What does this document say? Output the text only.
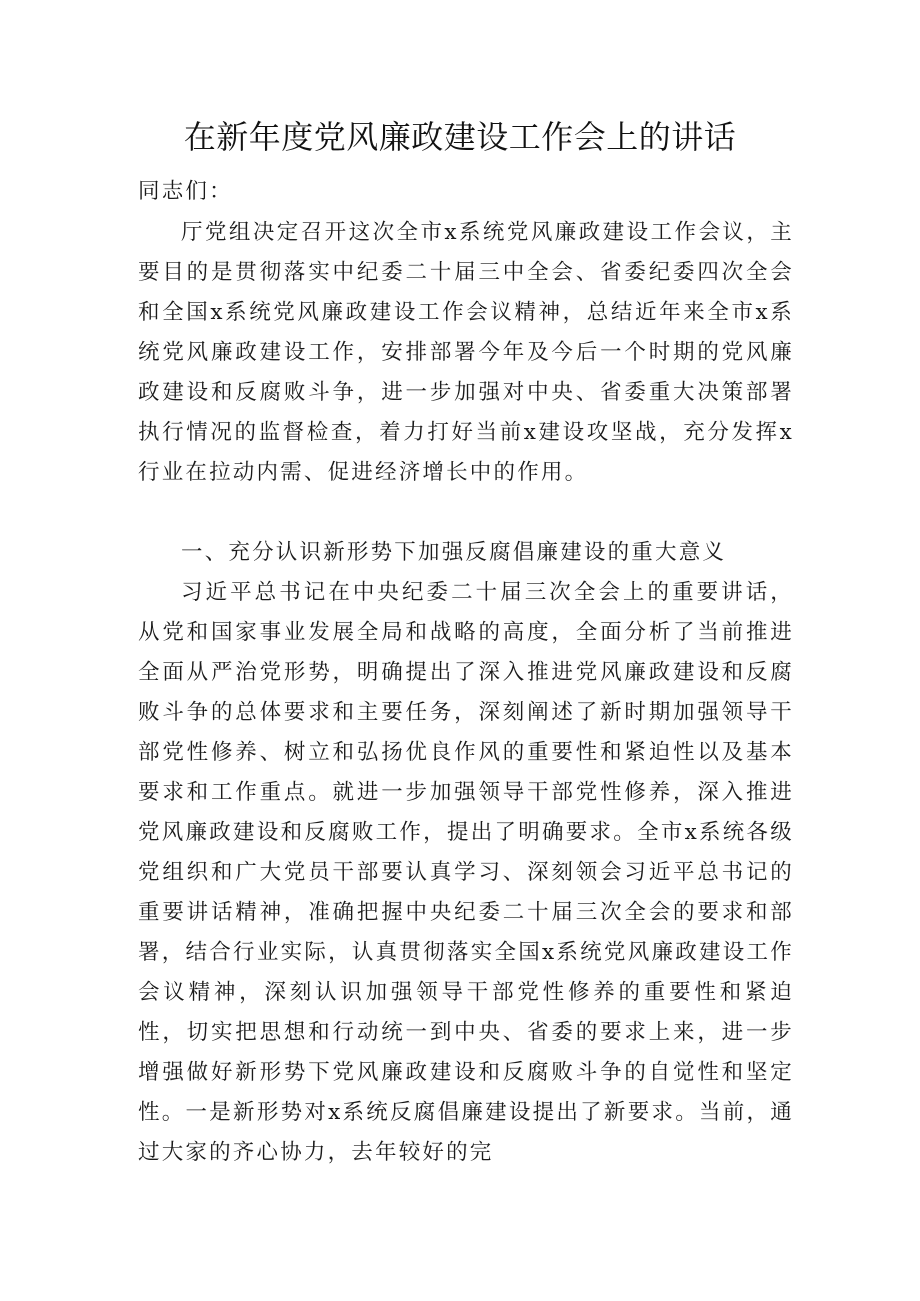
在新年度党风廉政建设工作会上的讲话

同志们：

厅党组决定召开这次全市x系统党风廉政建设工作会议，主要目的是贯彻落实中纪委二十届三中全会、省委纪委四次全会和全国x系统党风廉政建设工作会议精神，总结近年来全市x系统党风廉政建设工作，安排部署今年及今后一个时期的党风廉政建设和反腐败斗争，进一步加强对中央、省委重大决策部署执行情况的监督检查，着力打好当前x建设攻坚战，充分发挥x行业在拉动内需、促进经济增长中的作用。

一、充分认识新形势下加强反腐倡廉建设的重大意义

习近平总书记在中央纪委二十届三次全会上的重要讲话，从党和国家事业发展全局和战略的高度，全面分析了当前推进全面从严治党形势，明确提出了深入推进党风廉政建设和反腐败斗争的总体要求和主要任务，深刻阐述了新时期加强领导干部党性修养、树立和弘扬优良作风的重要性和紧迫性以及基本要求和工作重点。就进一步加强领导干部党性修养，深入推进党风廉政建设和反腐败工作，提出了明确要求。全市x系统各级党组织和广大党员干部要认真学习、深刻领会习近平总书记的重要讲话精神，准确把握中央纪委二十届三次全会的要求和部署，结合行业实际，认真贯彻落实全国x系统党风廉政建设工作会议精神，深刻认识加强领导干部党性修养的重要性和紧迫性，切实把思想和行动统一到中央、省委的要求上来，进一步增强做好新形势下党风廉政建设和反腐败斗争的自觉性和坚定性。一是新形势对x系统反腐倡廉建设提出了新要求。当前，通过大家的齐心协力，去年较好的完
